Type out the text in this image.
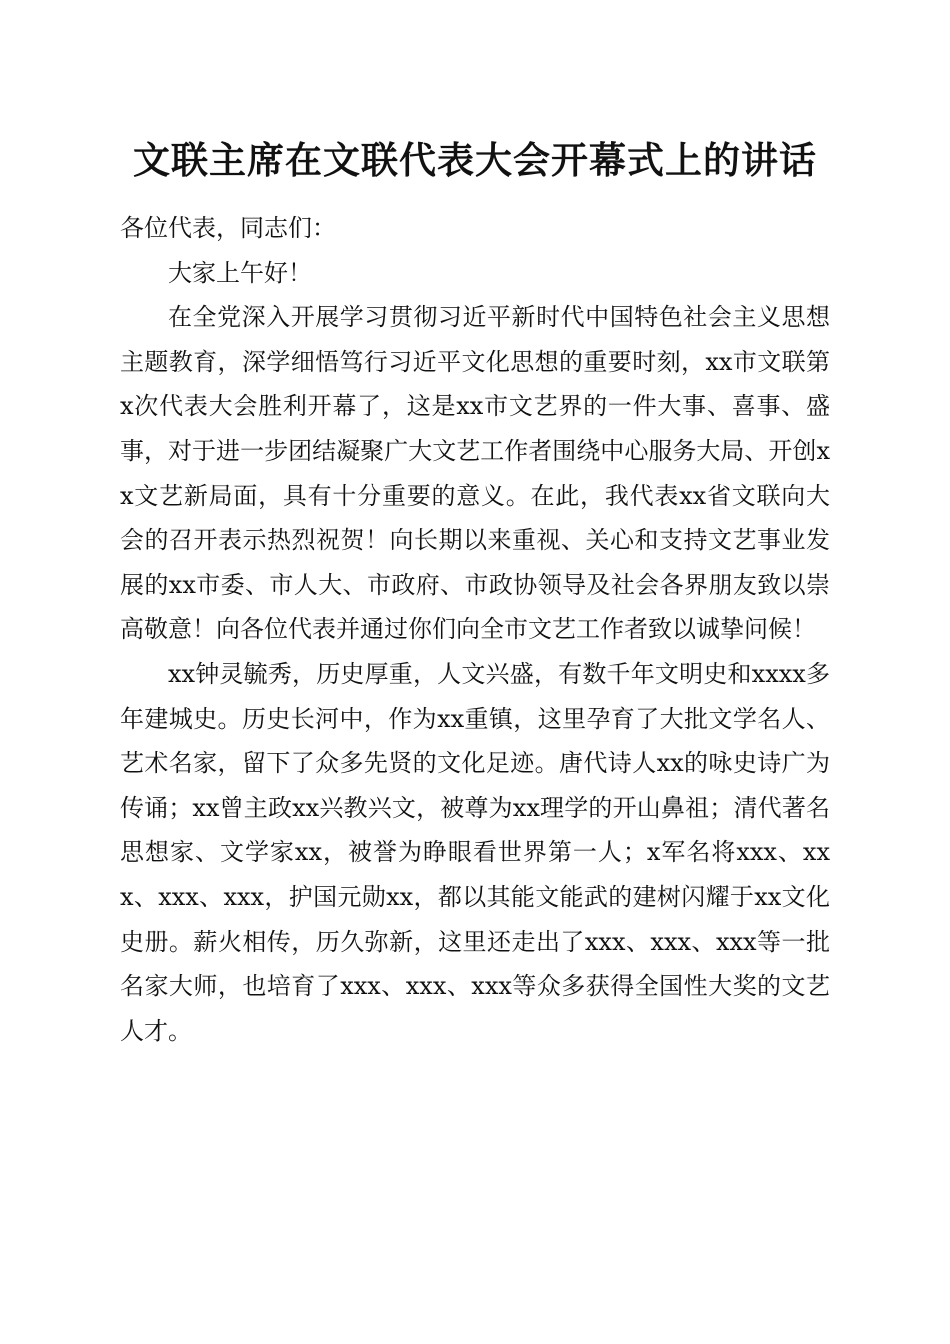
文联主席在文联代表大会开幕式上的讲话

各位代表，同志们：

大家上午好！

在全党深入开展学习贯彻习近平新时代中国特色社会主义思想主题教育，深学细悟笃行习近平文化思想的重要时刻，xx市文联第x次代表大会胜利开幕了，这是xx市文艺界的一件大事、喜事、盛事，对于进一步团结凝聚广大文艺工作者围绕中心服务大局、开创xx文艺新局面，具有十分重要的意义。在此，我代表xx省文联向大会的召开表示热烈祝贺！向长期以来重视、关心和支持文艺事业发展的xx市委、市人大、市政府、市政协领导及社会各界朋友致以崇高敬意！向各位代表并通过你们向全市文艺工作者致以诚挚问候！

xx钟灵毓秀，历史厚重，人文兴盛，有数千年文明史和xxxx多年建城史。历史长河中，作为xx重镇，这里孕育了大批文学名人、艺术名家，留下了众多先贤的文化足迹。唐代诗人xx的咏史诗广为传诵；xx曾主政xx兴教兴文，被尊为xx理学的开山鼻祖；清代著名思想家、文学家xx，被誉为睁眼看世界第一人；x军名将xxx、xxx、xxx、xxx，护国元勋xx，都以其能文能武的建树闪耀于xx文化史册。薪火相传，历久弥新，这里还走出了xxx、xxx、xxx等一批名家大师，也培育了xxx、xxx、xxx等众多获得全国性大奖的文艺人才。
